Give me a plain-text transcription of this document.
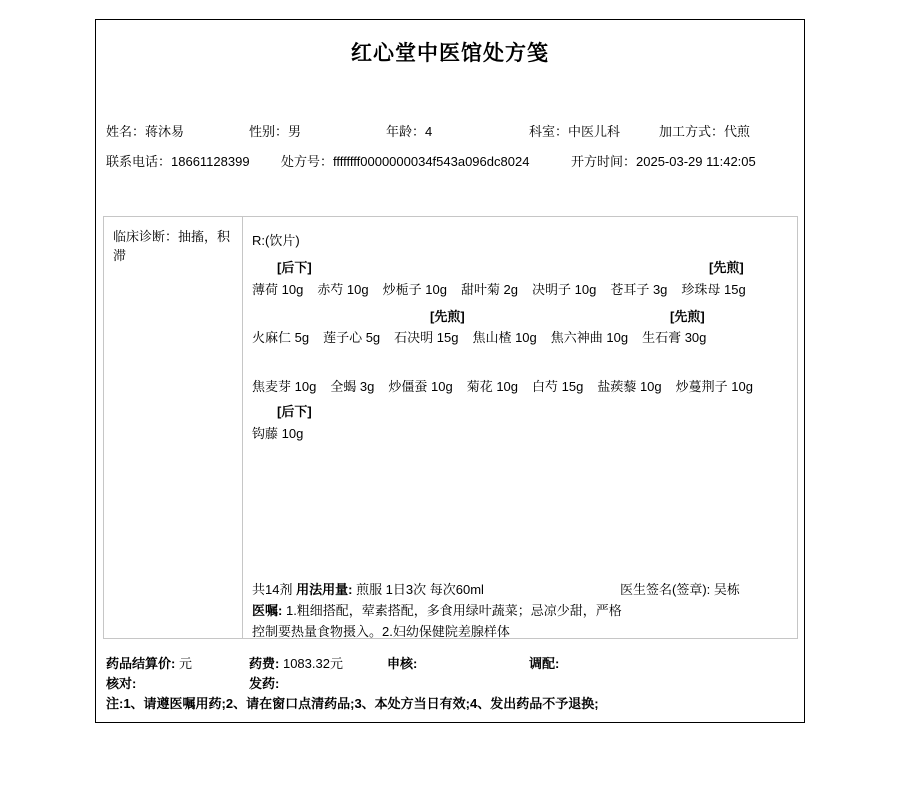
红心堂中医馆处方笺
姓名：蒋沐易	性别：男	年龄：4	科室：中医儿科	加工方式：代煎
联系电话：18661128399 处方号：ffffffff0000000034f543a096dc8024	开方时间：2025-03-29 11:42:05
临床诊断：抽搐，积滞
R:(饮片)
共14剂 用法用量: 煎服 1日3次 每次60ml	医生签名(签章): 吴栋
医嘱: 1.粗细搭配，荤素搭配，多食用绿叶蔬菜；忌凉少甜，严格
控制要热量食物摄入。2.妇幼保健院差腺样体
[后下]	[先煎]
薄荷 10g 赤芍 10g 炒栀子 10g 甜叶菊 2g 决明子 10g 苍耳子 3g 珍珠母 15g
[先煎]	[先煎]
火麻仁 5g 莲子心 5g 石决明 15g 焦山楂 10g 焦六神曲 10g 生石膏 30g
焦麦芽 10g 全蝎 3g 炒僵蚕 10g 菊花 10g 白芍 15g 盐蒺藜 10g 炒蔓荆子 10g
[后下]
钩藤 10g
药品结算价: 元	药费: 1083.32元	申核:	调配:
核对:	发药:
注:1、请遵医嘱用药;2、请在窗口点清药品;3、本处方当日有效;4、发出药品不予退换;
